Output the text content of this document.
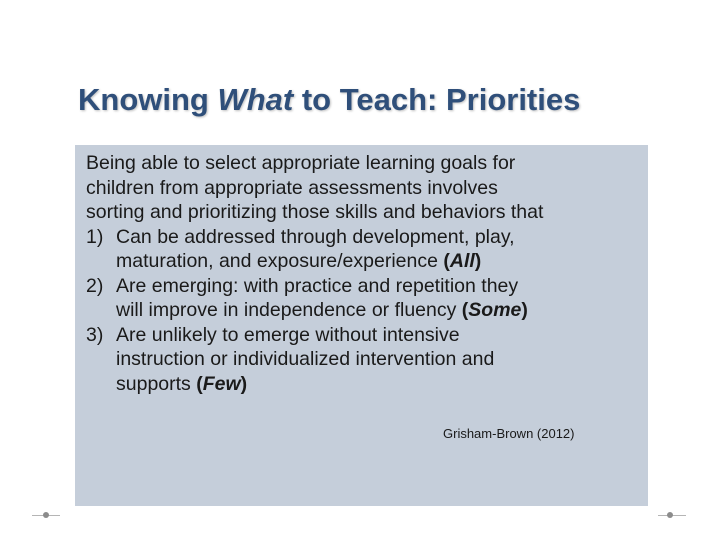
Knowing What to Teach: Priorities
Being able to select appropriate learning goals for
children from appropriate assessments involves
sorting and prioritizing those skills and behaviors that
1) Can be addressed through development, play,
maturation, and exposure/experience (All)
2) Are emerging: with practice and repetition they
will improve in independence or fluency (Some)
3) Are unlikely to emerge without intensive
instruction or individualized intervention and
supports (Few)
Grisham-Brown (2012)
